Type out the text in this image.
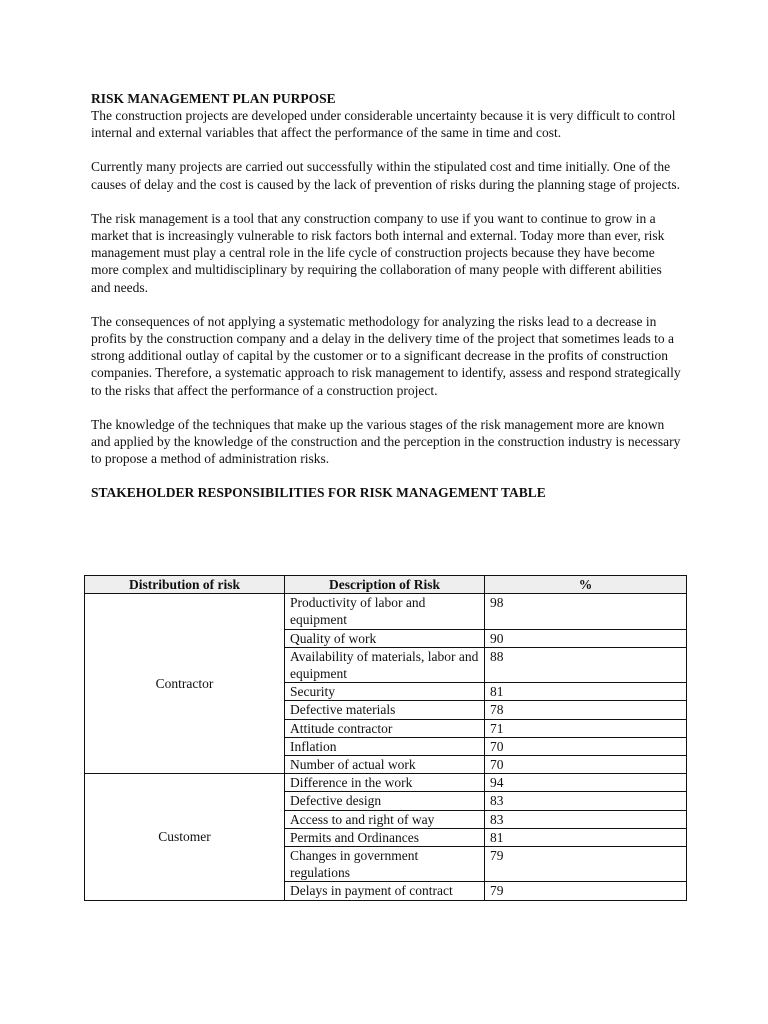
RISK MANAGEMENT PLAN PURPOSE

The construction projects are developed under considerable uncertainty because it is very difficult to control internal and external variables that affect the performance of the same in time and cost.

Currently many projects are carried out successfully within the stipulated cost and time initially. One of the causes of delay and the cost is caused by the lack of prevention of risks during the planning stage of projects.

The risk management is a tool that any construction company to use if you want to continue to grow in a market that is increasingly vulnerable to risk factors both internal and external. Today more than ever, risk management must play a central role in the life cycle of construction projects because they have become more complex and multidisciplinary by requiring the collaboration of many people with different abilities and needs.

The consequences of not applying a systematic methodology for analyzing the risks lead to a decrease in profits by the construction company and a delay in the delivery time of the project that sometimes leads to a strong additional outlay of capital by the customer or to a significant decrease in the profits of construction companies. Therefore, a systematic approach to risk management to identify, assess and respond strategically to the risks that affect the performance of a construction project.

The knowledge of the techniques that make up the various stages of the risk management more are known and applied by the knowledge of the construction and the perception in the construction industry is necessary to propose a method of administration risks.

STAKEHOLDER RESPONSIBILITIES FOR RISK MANAGEMENT TABLE
Distribution of risk	Description of Risk	%
Contractor	Productivity of labor and equipment	98
	Quality of work	90
	Availability of materials, labor and equipment	88
	Security	81
	Defective materials	78
	Attitude contractor	71
	Inflation	70
	Number of actual work	70
Customer	Difference in the work	94
	Defective design	83
	Access to and right of way	83
	Permits and Ordinances	81
	Changes in government regulations	79
	Delays in payment of contract	79
